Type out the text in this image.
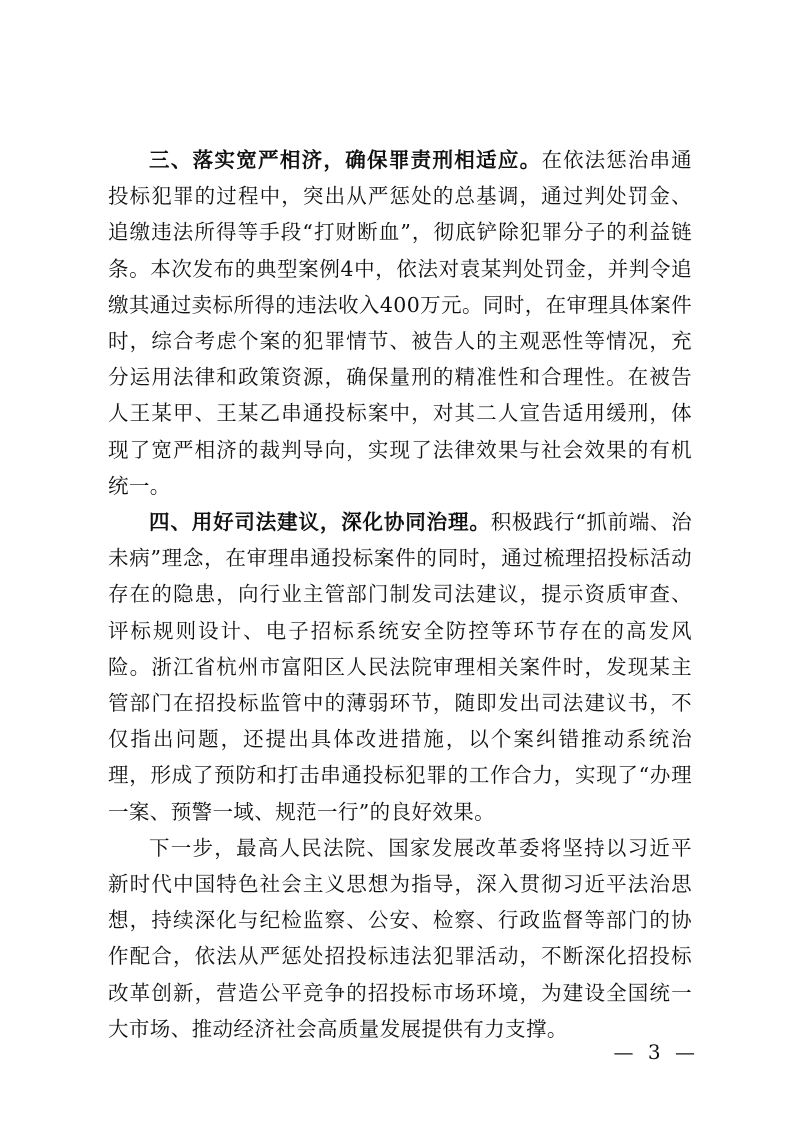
三、落实宽严相济，确保罪责刑相适应。在依法惩治串通投标犯罪的过程中，突出从严惩处的总基调，通过判处罚金、追缴违法所得等手段“打财断血”，彻底铲除犯罪分子的利益链条。本次发布的典型案例4中，依法对袁某判处罚金，并判令追缴其通过卖标所得的违法收入400万元。同时，在审理具体案件时，综合考虑个案的犯罪情节、被告人的主观恶性等情况，充分运用法律和政策资源，确保量刑的精准性和合理性。在被告人王某甲、王某乙串通投标案中，对其二人宣告适用缓刑，体现了宽严相济的裁判导向，实现了法律效果与社会效果的有机统一。

四、用好司法建议，深化协同治理。积极践行“抓前端、治未病”理念，在审理串通投标案件的同时，通过梳理招投标活动存在的隐患，向行业主管部门制发司法建议，提示资质审查、评标规则设计、电子招标系统安全防控等环节存在的高发风险。浙江省杭州市富阳区人民法院审理相关案件时，发现某主管部门在招投标监管中的薄弱环节，随即发出司法建议书，不仅指出问题，还提出具体改进措施，以个案纠错推动系统治理，形成了预防和打击串通投标犯罪的工作合力，实现了“办理一案、预警一域、规范一行”的良好效果。

下一步，最高人民法院、国家发展改革委将坚持以习近平新时代中国特色社会主义思想为指导，深入贯彻习近平法治思想，持续深化与纪检监察、公安、检察、行政监督等部门的协作配合，依法从严惩处招投标违法犯罪活动，不断深化招投标改革创新，营造公平竞争的招投标市场环境，为建设全国统一大市场、推动经济社会高质量发展提供有力支撑。

— 3 —
